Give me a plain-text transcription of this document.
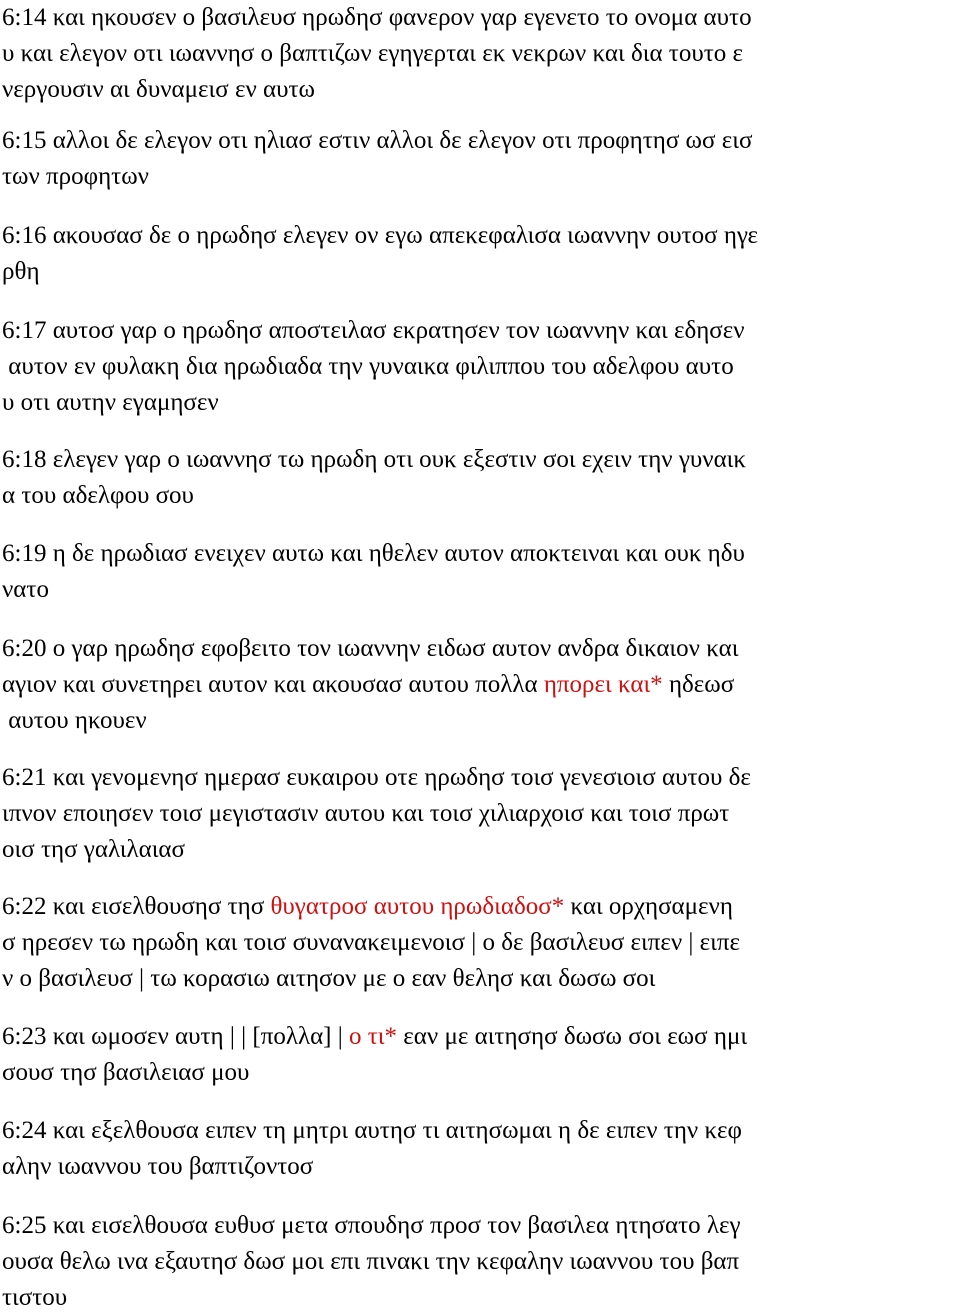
6:14 και ηκουσεν ο βασιλευσ ηρωδησ φανερον γαρ εγενετο το ονομα αυτο
υ και ελεγον οτι ιωαννησ ο βαπτιζων εγηγερται εκ νεκρων και δια τουτο ε
νεργουσιν αι δυναμεισ εν αυτω
6:15 αλλοι δε ελεγον οτι ηλιασ εστιν αλλοι δε ελεγον οτι προφητησ ωσ εισ
των προφητων
6:16 ακουσασ δε ο ηρωδησ ελεγεν ον εγω απεκεφαλισα ιωαννην ουτοσ ηγε
ρθη
6:17 αυτοσ γαρ ο ηρωδησ αποστειλασ εκρατησεν τον ιωαννην και εδησεν
αυτον εν φυλακη δια ηρωδιαδα την γυναικα φιλιππου του αδελφου αυτο
υ οτι αυτην εγαμησεν
6:18 ελεγεν γαρ ο ιωαννησ τω ηρωδη οτι ουκ εξεστιν σοι εχειν την γυναικ
α του αδελφου σου
6:19 η δε ηρωδιασ ενειχεν αυτω και ηθελεν αυτον αποκτειναι και ουκ ηδυ
νατο
6:20 ο γαρ ηρωδησ εφοβειτο τον ιωαννην ειδωσ αυτον ανδρα δικαιον και
αγιον και συνετηρει αυτον και ακουσασ αυτου πολλα ηπορει και* ηδεωσ
αυτου ηκουεν
6:21 και γενομενησ ημερασ ευκαιρου οτε ηρωδησ τοισ γενεσιοισ αυτου δε
ιπνον εποιησεν τοισ μεγιστασιν αυτου και τοισ χιλιαρχοισ και τοισ πρωτ
οισ τησ γαλιλαιασ
6:22 και εισελθουσησ τησ θυγατροσ αυτου ηρωδιαδοσ* και ορχησαμενη
σ ηρεσεν τω ηρωδη και τοισ συνανακειμενοισ | ο δε βασιλευσ ειπεν | ειπε
ν ο βασιλευσ | τω κορασιω αιτησον με ο εαν θελησ και δωσω σοι
6:23 και ωμοσεν αυτη | | [πολλα] | ο τι* εαν με αιτησησ δωσω σοι εωσ ημι
σουσ τησ βασιλειασ μου
6:24 και εξελθουσα ειπεν τη μητρι αυτησ τι αιτησωμαι η δε ειπεν την κεφ
αλην ιωαννου του βαπτιζοντοσ
6:25 και εισελθουσα ευθυσ μετα σπουδησ προσ τον βασιλεα ητησατο λεγ
ουσα θελω ινα εξαυτησ δωσ μοι επι πινακι την κεφαλην ιωαννου του βαπ
τιστου
